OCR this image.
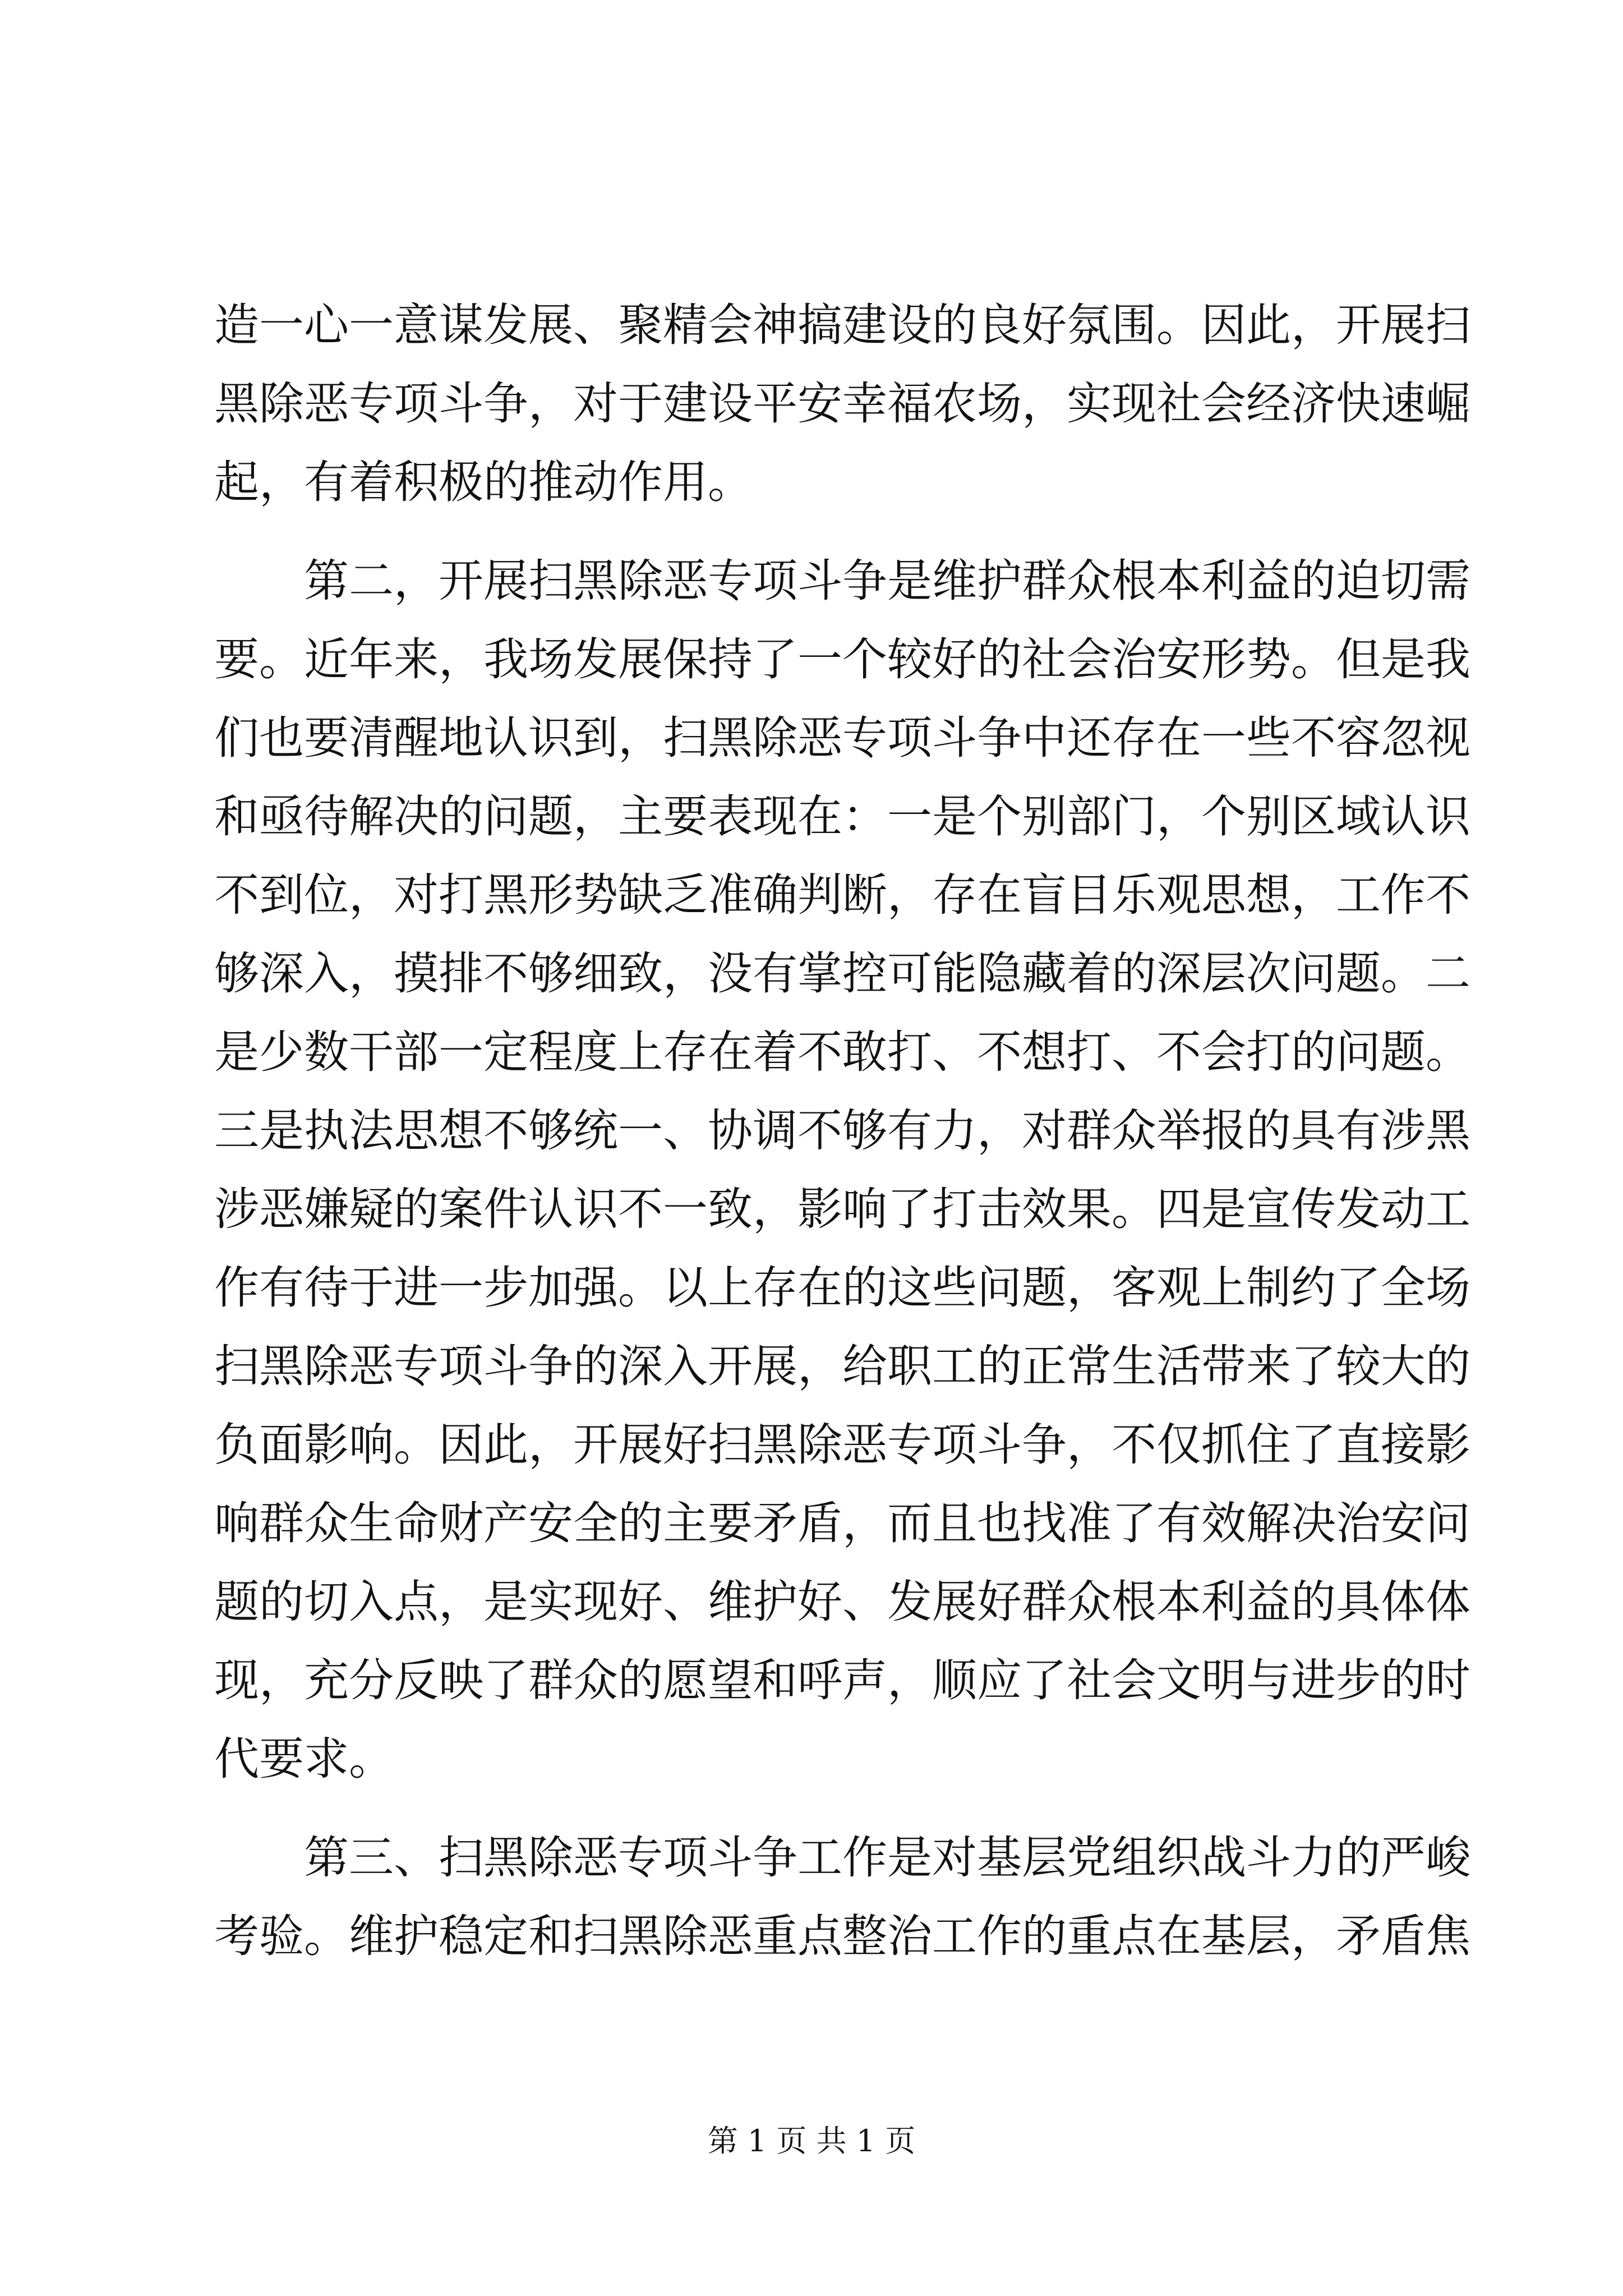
造一心一意谋发展、聚精会神搞建设的良好氛围。因此，开展扫
黑除恶专项斗争，对于建设平安幸福农场，实现社会经济快速崛
起，有着积极的推动作用。
第二，开展扫黑除恶专项斗争是维护群众根本利益的迫切需
要。近年来，我场发展保持了一个较好的社会治安形势。但是我
们也要清醒地认识到，扫黑除恶专项斗争中还存在一些不容忽视
和亟待解决的问题，主要表现在：一是个别部门，个别区域认识
不到位，对打黑形势缺乏准确判断，存在盲目乐观思想，工作不
够深入，摸排不够细致，没有掌控可能隐藏着的深层次问题。二
是少数干部一定程度上存在着不敢打、不想打、不会打的问题。
三是执法思想不够统一、协调不够有力，对群众举报的具有涉黑
涉恶嫌疑的案件认识不一致，影响了打击效果。四是宣传发动工
作有待于进一步加强。以上存在的这些问题，客观上制约了全场
扫黑除恶专项斗争的深入开展，给职工的正常生活带来了较大的
负面影响。因此，开展好扫黑除恶专项斗争，不仅抓住了直接影
响群众生命财产安全的主要矛盾，而且也找准了有效解决治安问
题的切入点，是实现好、维护好、发展好群众根本利益的具体体
现，充分反映了群众的愿望和呼声，顺应了社会文明与进步的时
代要求。
第三、扫黑除恶专项斗争工作是对基层党组织战斗力的严峻
考验。维护稳定和扫黑除恶重点整治工作的重点在基层，矛盾焦
第 1 页 共 1 页
